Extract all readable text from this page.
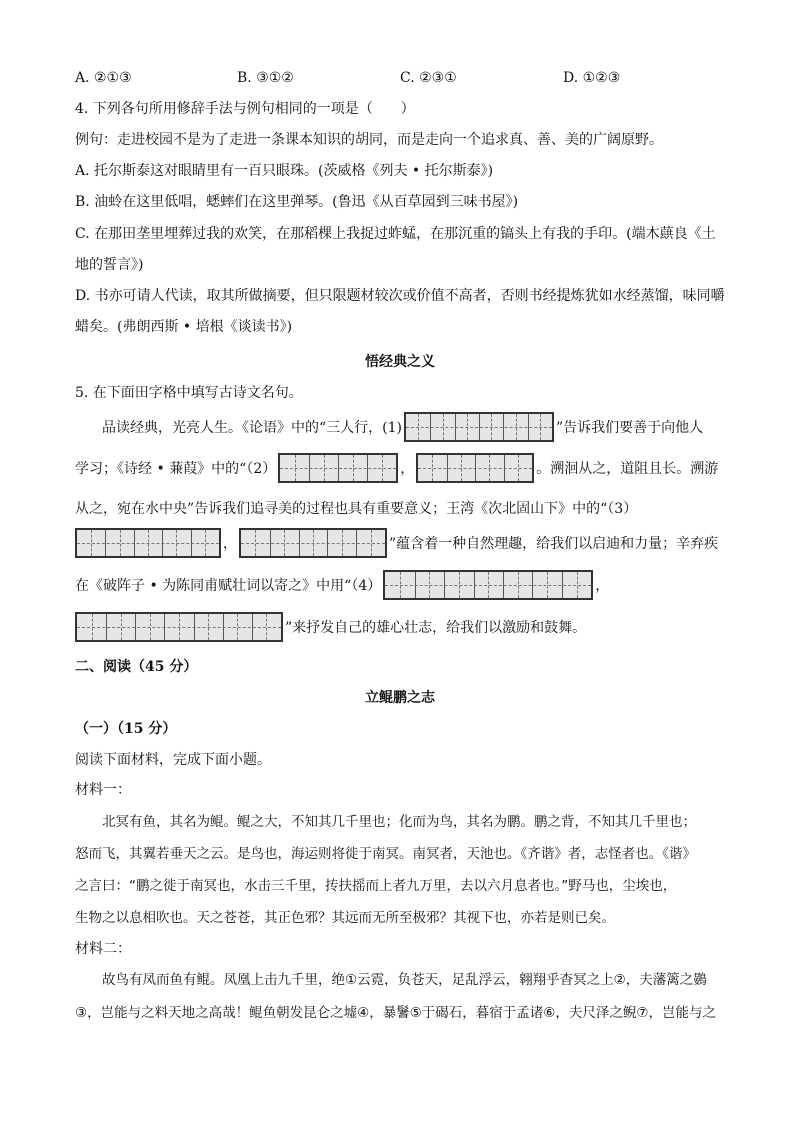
A. ②①③	B. ③①②	C. ②③①	D. ①②③
4. 下列各句所用修辞手法与例句相同的一项是（　　）
例句：走进校园不是为了走进一条课本知识的胡同，而是走向一个追求真、善、美的广阔原野。
A. 托尔斯泰这对眼睛里有一百只眼珠。(茨威格《列夫 • 托尔斯泰》)
B. 油蛉在这里低唱，蟋蟀们在这里弹琴。(鲁迅《从百草园到三味书屋》)
C. 在那田垄里埋葬过我的欢笑，在那稻棵上我捉过蚱蜢，在那沉重的镐头上有我的手印。(端木蕻良《土
地的誓言》)
D. 书亦可请人代读，取其所做摘要，但只限题材较次或价值不高者，否则书经提炼犹如水经蒸馏，味同嚼
蜡矣。(弗朗西斯 • 培根《谈读书》)
悟经典之义
5. 在下面田字格中填写古诗文名句。
品读经典，光亮人生。《论语》中的“三人行，(1)	”告诉我们要善于向他人
学习；《诗经 • 蒹葭》中的“（2）	，	。溯洄从之，道阻且长。溯游
从之，宛在水中央”告诉我们追寻美的过程也具有重要意义；王湾《次北固山下》中的“（3）
，	”蕴含着一种自然理趣，给我们以启迪和力量；辛弃疾
在《破阵子 • 为陈同甫赋壮词以寄之》中用“（4）	，
”来抒发自己的雄心壮志，给我们以激励和鼓舞。
二、阅读（45 分）
立鲲鹏之志
（一）（15 分）
阅读下面材料，完成下面小题。
材料一：
北冥有鱼，其名为鲲。鲲之大，不知其几千里也；化而为鸟，其名为鹏。鹏之背，不知其几千里也；
怒而飞，其翼若垂天之云。是鸟也，海运则将徙于南冥。南冥者，天池也。《齐谐》者，志怪者也。《谐》
之言曰：“鹏之徙于南冥也，水击三千里，抟扶摇而上者九万里，去以六月息者也。”野马也，尘埃也，
生物之以息相吹也。天之苍苍，其正色邪？其远而无所至极邪？其视下也，亦若是则已矣。
材料二：
故鸟有凤而鱼有鲲。凤凰上击九千里，绝①云霓，负苍天，足乱浮云，翱翔乎杳冥之上②，夫藩篱之鷃
③，岂能与之料天地之高哉！鲲鱼朝发昆仑之墟④，暴鬐⑤于碣石，暮宿于孟诸⑥，夫尺泽之鲵⑦，岂能与之
